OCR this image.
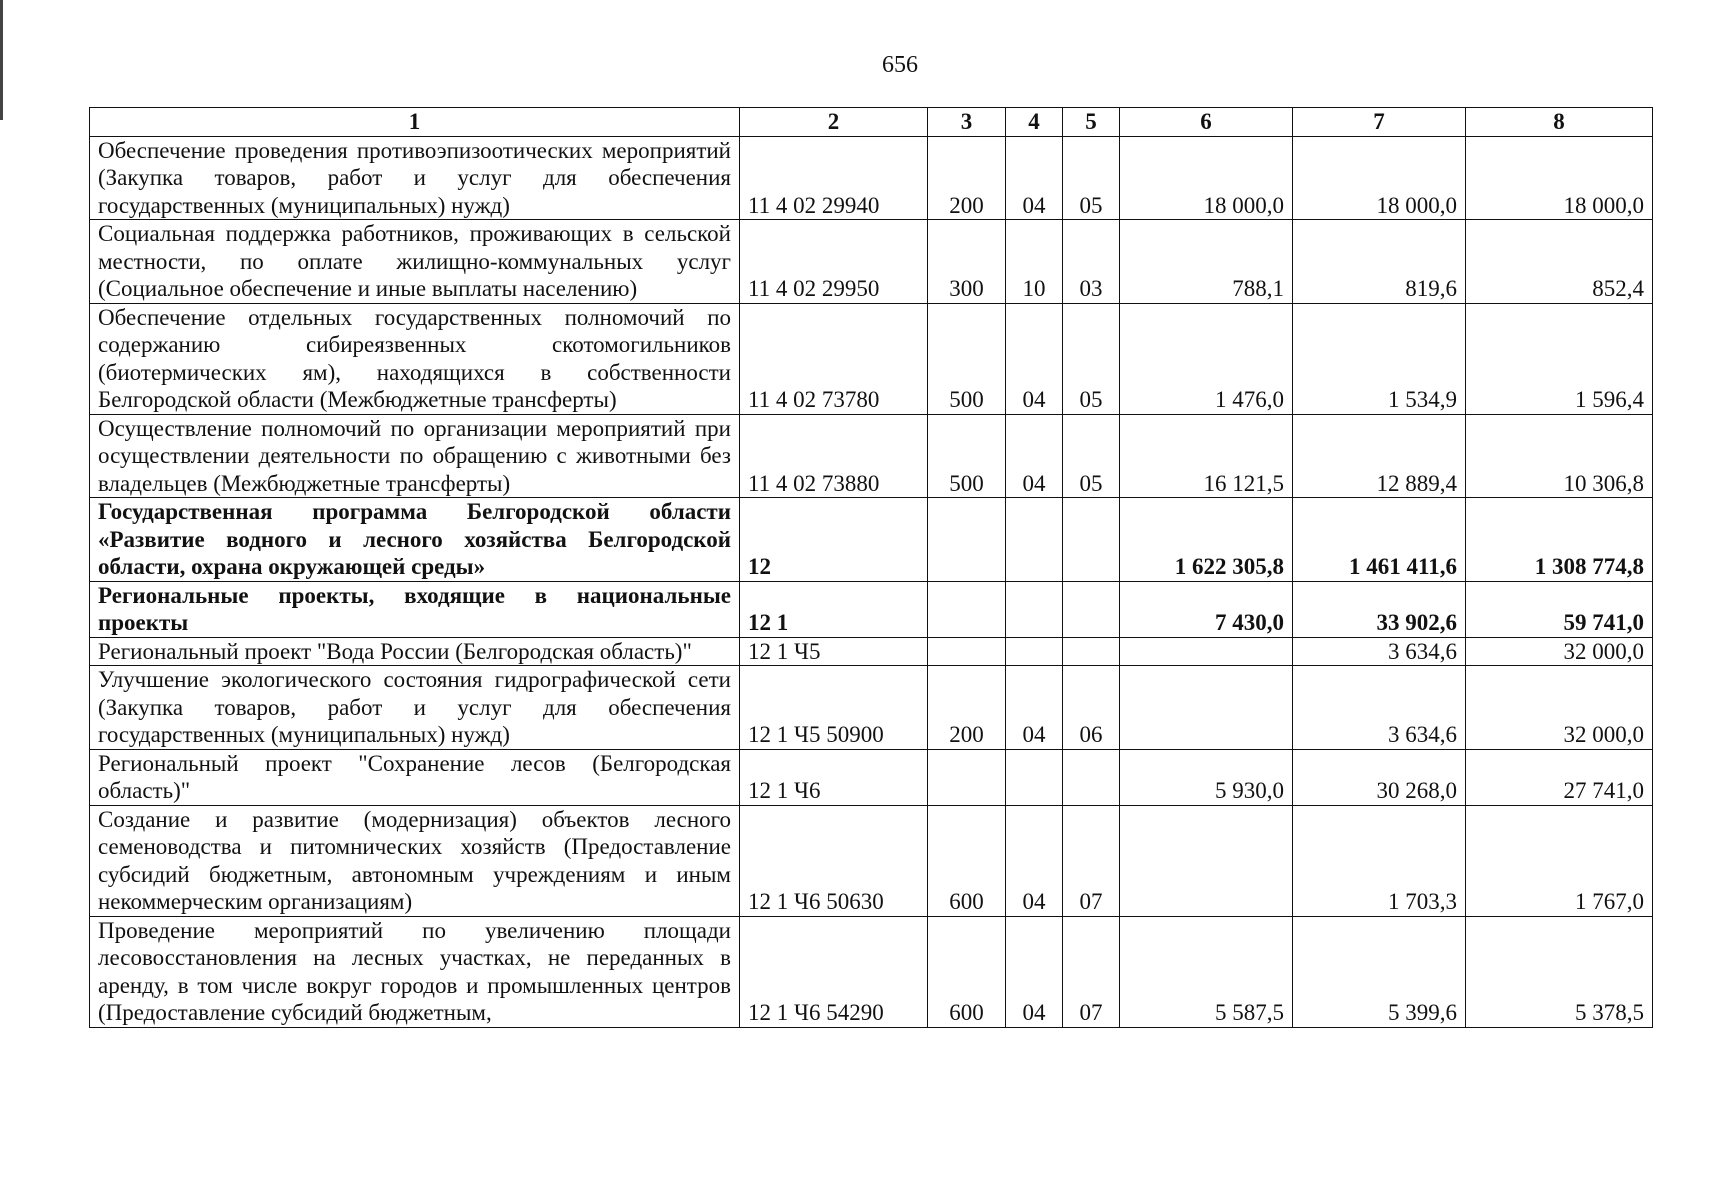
656
1	2	3	4	5	6	7	8
Обеспечение проведения противоэпизоотических мероприятий (Закупка товаров, работ и услуг для обеспечения государственных (муниципальных) нужд)	11 4 02 29940	200	04	05	18 000,0	18 000,0	18 000,0
Социальная поддержка работников, проживающих в сельской местности, по оплате жилищно-коммунальных услуг (Социальное обеспечение и иные выплаты населению)	11 4 02 29950	300	10	03	788,1	819,6	852,4
Обеспечение отдельных государственных полномочий по содержанию сибиреязвенных скотомогильников (биотермических ям), находящихся в собственности Белгородской области (Межбюджетные трансферты)	11 4 02 73780	500	04	05	1 476,0	1 534,9	1 596,4
Осуществление полномочий по организации мероприятий при осуществлении деятельности по обращению с животными без владельцев (Межбюджетные трансферты)	11 4 02 73880	500	04	05	16 121,5	12 889,4	10 306,8
Государственная программа Белгородской области «Развитие водного и лесного хозяйства Белгородской области, охрана окружающей среды»	12				1 622 305,8	1 461 411,6	1 308 774,8
Региональные проекты, входящие в национальные проекты	12 1				7 430,0	33 902,6	59 741,0
Региональный проект "Вода России (Белгородская область)"	12 1 Ч5					3 634,6	32 000,0
Улучшение экологического состояния гидрографической сети (Закупка товаров, работ и услуг для обеспечения государственных (муниципальных) нужд)	12 1 Ч5 50900	200	04	06		3 634,6	32 000,0
Региональный проект "Сохранение лесов (Белгородская область)"	12 1 Ч6				5 930,0	30 268,0	27 741,0
Создание и развитие (модернизация) объектов лесного семеноводства и питомнических хозяйств (Предоставление субсидий бюджетным, автономным учреждениям и иным некоммерческим организациям)	12 1 Ч6 50630	600	04	07		1 703,3	1 767,0
Проведение мероприятий по увеличению площади лесовосстановления на лесных участках, не переданных в аренду, в том числе вокруг городов и промышленных центров (Предоставление субсидий бюджетным,	12 1 Ч6 54290	600	04	07	5 587,5	5 399,6	5 378,5
